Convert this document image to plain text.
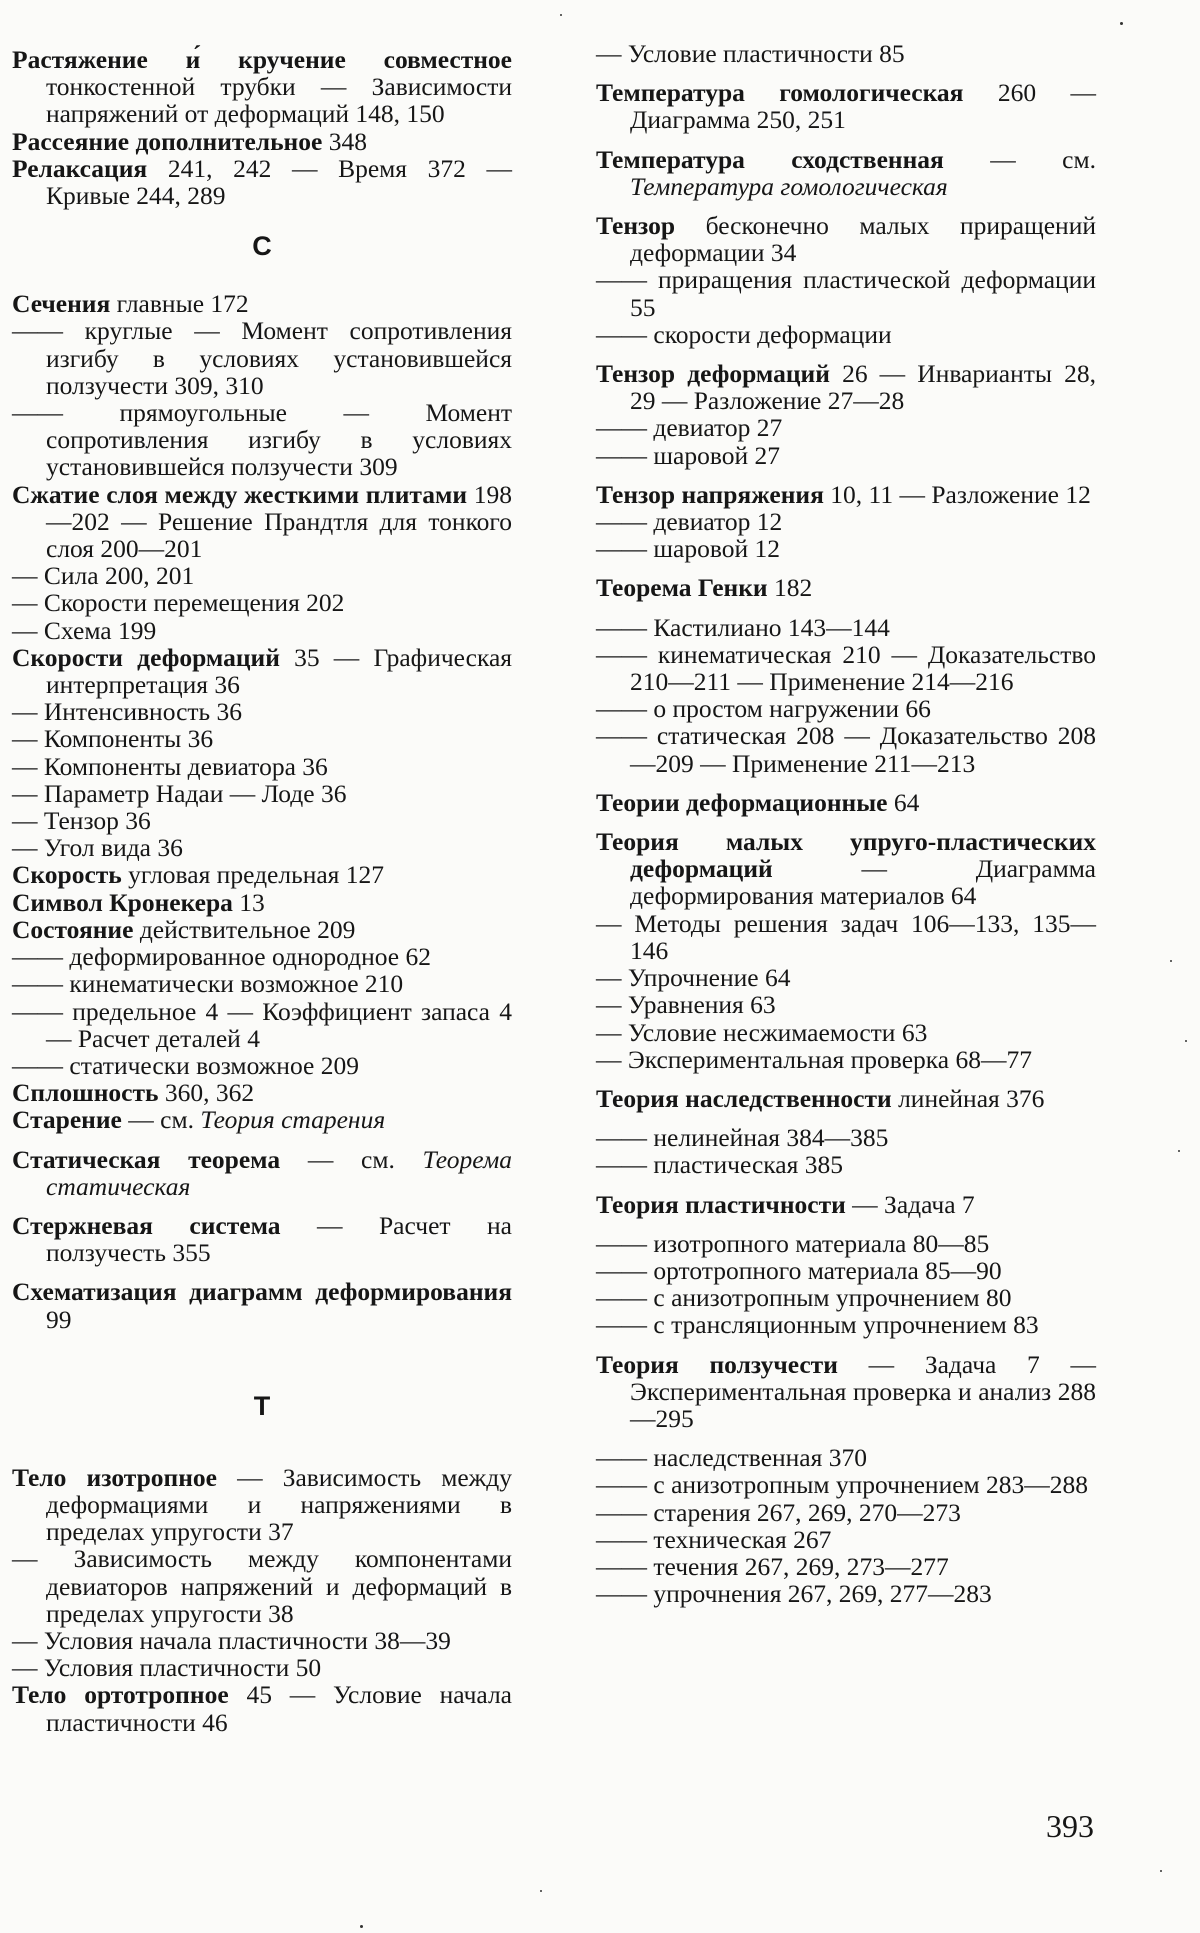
Растяжение и́ кручение совместное тонкостенной трубки — Зависимости напряжений от деформаций 148, 150
Рассеяние дополнительное 348
Релаксация 241, 242 — Время 372 — Кривые 244, 289
С
Сечения главные 172
—— круглые — Момент сопротивления изгибу в условиях установившейся ползучести 309, 310
—— прямоугольные — Момент сопротивления изгибу в условиях установившейся ползучести 309
Сжатие слоя между жесткими плитами 198—202 — Решение Прандтля для тонкого слоя 200—201
— Сила 200, 201
— Скорости перемещения 202
— Схема 199
Скорости деформаций 35 — Графическая интерпретация 36
— Интенсивность 36
— Компоненты 36
— Компоненты девиатора 36
— Параметр Надаи — Лоде 36
— Тензор 36
— Угол вида 36
Скорость угловая предельная 127
Символ Кронекера 13
Состояние действительное 209
—— деформированное однородное 62
—— кинематически возможное 210
—— предельное 4 — Коэффициент запаса 4 — Расчет деталей 4
—— статически возможное 209
Сплошность 360, 362
Старение — см. Теория старения
Статическая теорема — см. Теорема статическая
Стержневая система — Расчет на ползучесть 355
Схематизация диаграмм деформирования 99
Т
Тело изотропное — Зависимость между деформациями и напряжениями в пределах упругости 37
— Зависимость между компонентами девиаторов напряжений и деформаций в пределах упругости 38
— Условия начала пластичности 38—39
— Условия пластичности 50
Тело ортотропное 45 — Условие начала пластичности 46
— Условие пластичности 85
Температура гомологическая 260 — Диаграмма 250, 251
Температура сходственная — см. Температура гомологическая
Тензор бесконечно малых приращений деформации 34
—— приращения пластической деформации 55
—— скорости деформации
Тензор деформаций 26 — Инварианты 28, 29 — Разложение 27—28
—— девиатор 27
—— шаровой 27
Тензор напряжения 10, 11 — Разложение 12
—— девиатор 12
—— шаровой 12
Теорема Генки 182
—— Кастилиано 143—144
—— кинематическая 210 — Доказательство 210—211 — Применение 214—216
—— о простом нагружении 66
—— статическая 208 — Доказательство 208—209 — Применение 211—213
Теории деформационные 64
Теория малых упруго-пластических деформаций	— Диаграмма деформирования материалов 64
— Методы решения задач 106—133, 135—146
— Упрочнение 64
— Уравнения 63
— Условие несжимаемости 63
— Экспериментальная проверка 68—77
Теория наследственности линейная 376
—— нелинейная 384—385
—— пластическая 385
Теория пластичности — Задача 7
—— изотропного материала 80—85
—— ортотропного материала 85—90
—— с анизотропным упрочнением 80
—— с трансляционным упрочнением 83
Теория ползучести — Задача 7 — Экспериментальная проверка и анализ 288—295
—— наследственная 370
—— с анизотропным упрочнением 283—288
—— старения 267, 269, 270—273
—— техническая 267
—— течения 267, 269, 273—277
—— упрочнения 267, 269, 277—283
393
